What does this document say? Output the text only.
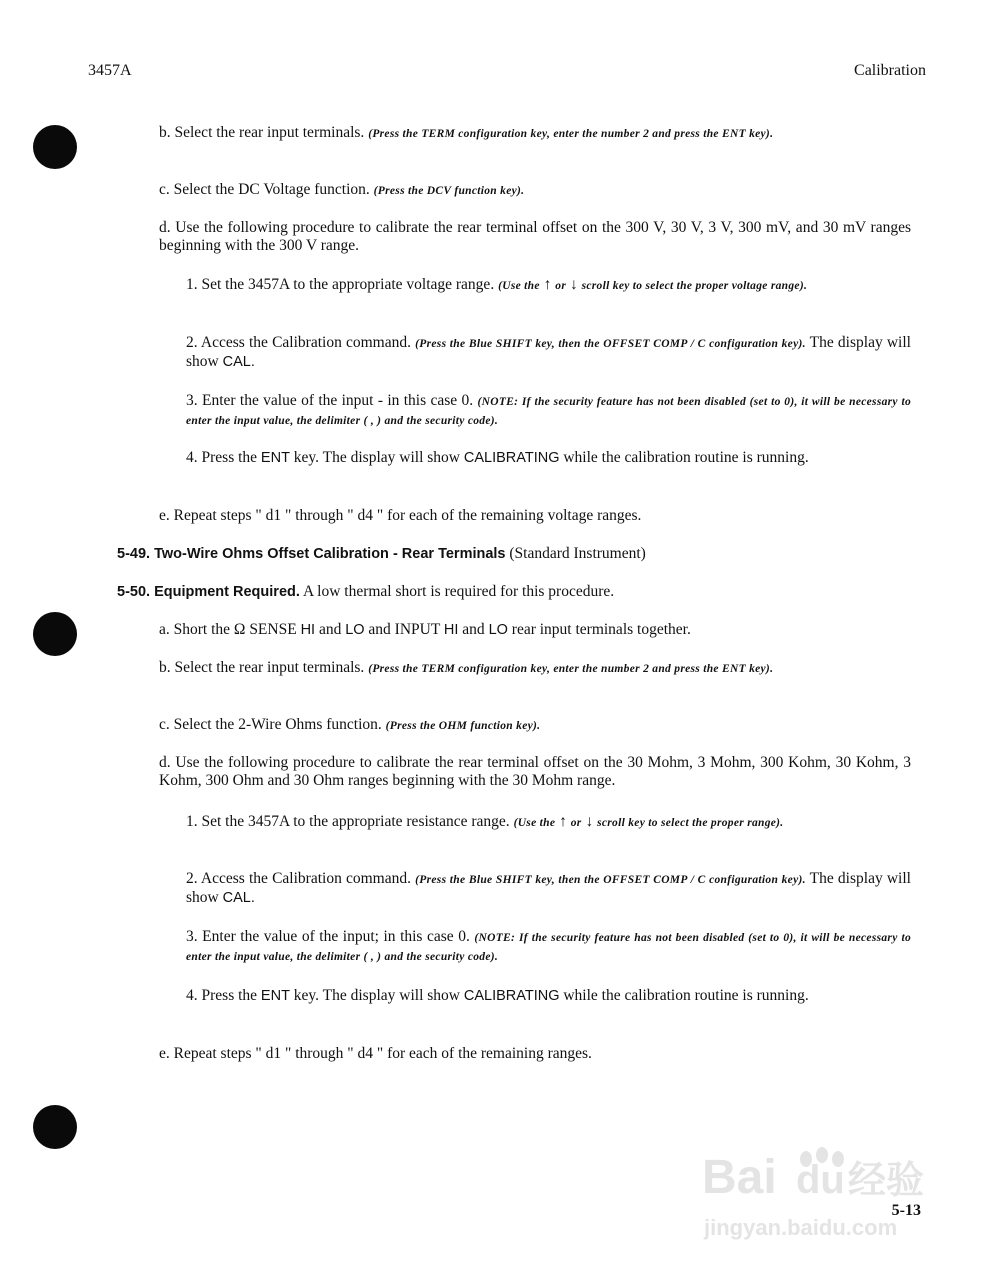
3457A	Calibration
b. Select the rear input terminals. (Press the TERM configuration key, enter the number 2 and press the ENT key).
c. Select the DC Voltage function. (Press the DCV function key).
d. Use the following procedure to calibrate the rear terminal offset on the 300 V, 30 V, 3 V, 300 mV, and 30 mV ranges beginning with the 300 V range.
1. Set the 3457A to the appropriate voltage range. (Use the ↑ or ↓ scroll key to select the proper voltage range).
2. Access the Calibration command. (Press the Blue SHIFT key, then the OFFSET COMP / C configuration key). The display will show CAL.
3. Enter the value of the input - in this case 0. (NOTE: If the security feature has not been disabled (set to 0), it will be necessary to enter the input value, the delimiter ( , ) and the security code).
4. Press the ENT key. The display will show CALIBRATING while the calibration routine is running.
e. Repeat steps " d1 " through " d4 " for each of the remaining voltage ranges.
5-49. Two-Wire Ohms Offset Calibration - Rear Terminals (Standard Instrument)
5-50. Equipment Required. A low thermal short is required for this procedure.
a. Short the Ω SENSE HI and LO and INPUT HI and LO rear input terminals together.
b. Select the rear input terminals. (Press the TERM configuration key, enter the number 2 and press the ENT key).
c. Select the 2-Wire Ohms function. (Press the OHM function key).
d. Use the following procedure to calibrate the rear terminal offset on the 30 Mohm, 3 Mohm, 300 Kohm, 30 Kohm, 3 Kohm, 300 Ohm and 30 Ohm ranges beginning with the 30 Mohm range.
1. Set the 3457A to the appropriate resistance range. (Use the ↑ or ↓ scroll key to select the proper range).
2. Access the Calibration command. (Press the Blue SHIFT key, then the OFFSET COMP / C configuration key). The display will show CAL.
3. Enter the value of the input; in this case 0. (NOTE: If the security feature has not been disabled (set to 0), it will be necessary to enter the input value, the delimiter ( , ) and the security code).
4. Press the ENT key. The display will show CALIBRATING while the calibration routine is running.
e. Repeat steps " d1 " through " d4 " for each of the remaining ranges.
Bai du 经验
jingyan.baidu.com
5-13
